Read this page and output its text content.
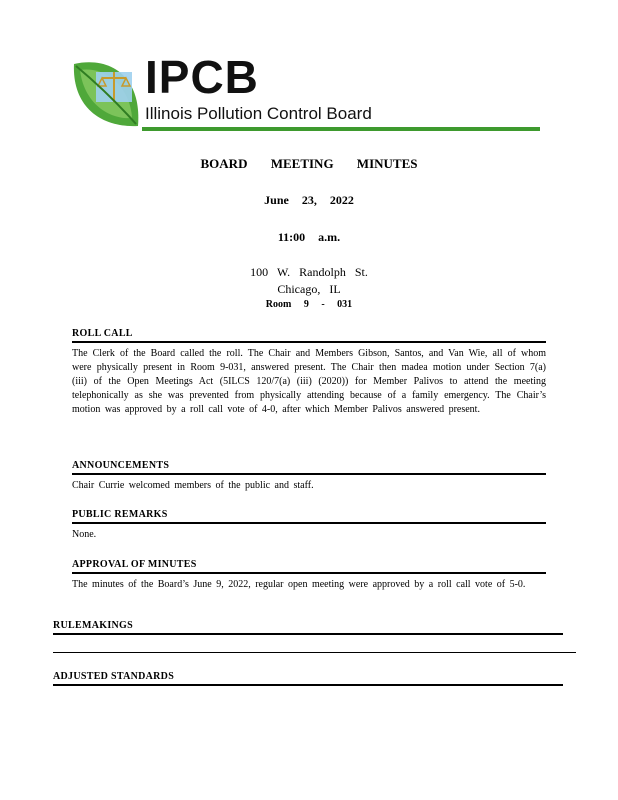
IPCB
Illinois Pollution Control Board
BOARD MEETING MINUTES
June 23, 2022
11:00 a.m.
100 W. Randolph St.
Chicago, IL
Room 9 - 031
ROLL CALL
The Clerk of the Board called the roll. The Chair and Members Gibson, Santos, and Van Wie, all of whom were physically present in Room 9-031, answered present. The Chair then madea motion under Section 7(a)(iii) of the Open Meetings Act (5ILCS 120/7(a) (iii) (2020)) for Member Palivos to attend the meeting telephonically as she was prevented from physically attending because of a family emergency. The Chair’s motion was approved by a roll call vote of 4-0, after which Member Palivos answered present.
ANNOUNCEMENTS
Chair Currie welcomed members of the public and staff.
PUBLIC REMARKS
None.
APPROVAL OF MINUTES
The minutes of the Board’s June 9, 2022, regular open meeting were approved by a roll call vote of 5-0.
RULEMAKINGS
ADJUSTED STANDARDS
